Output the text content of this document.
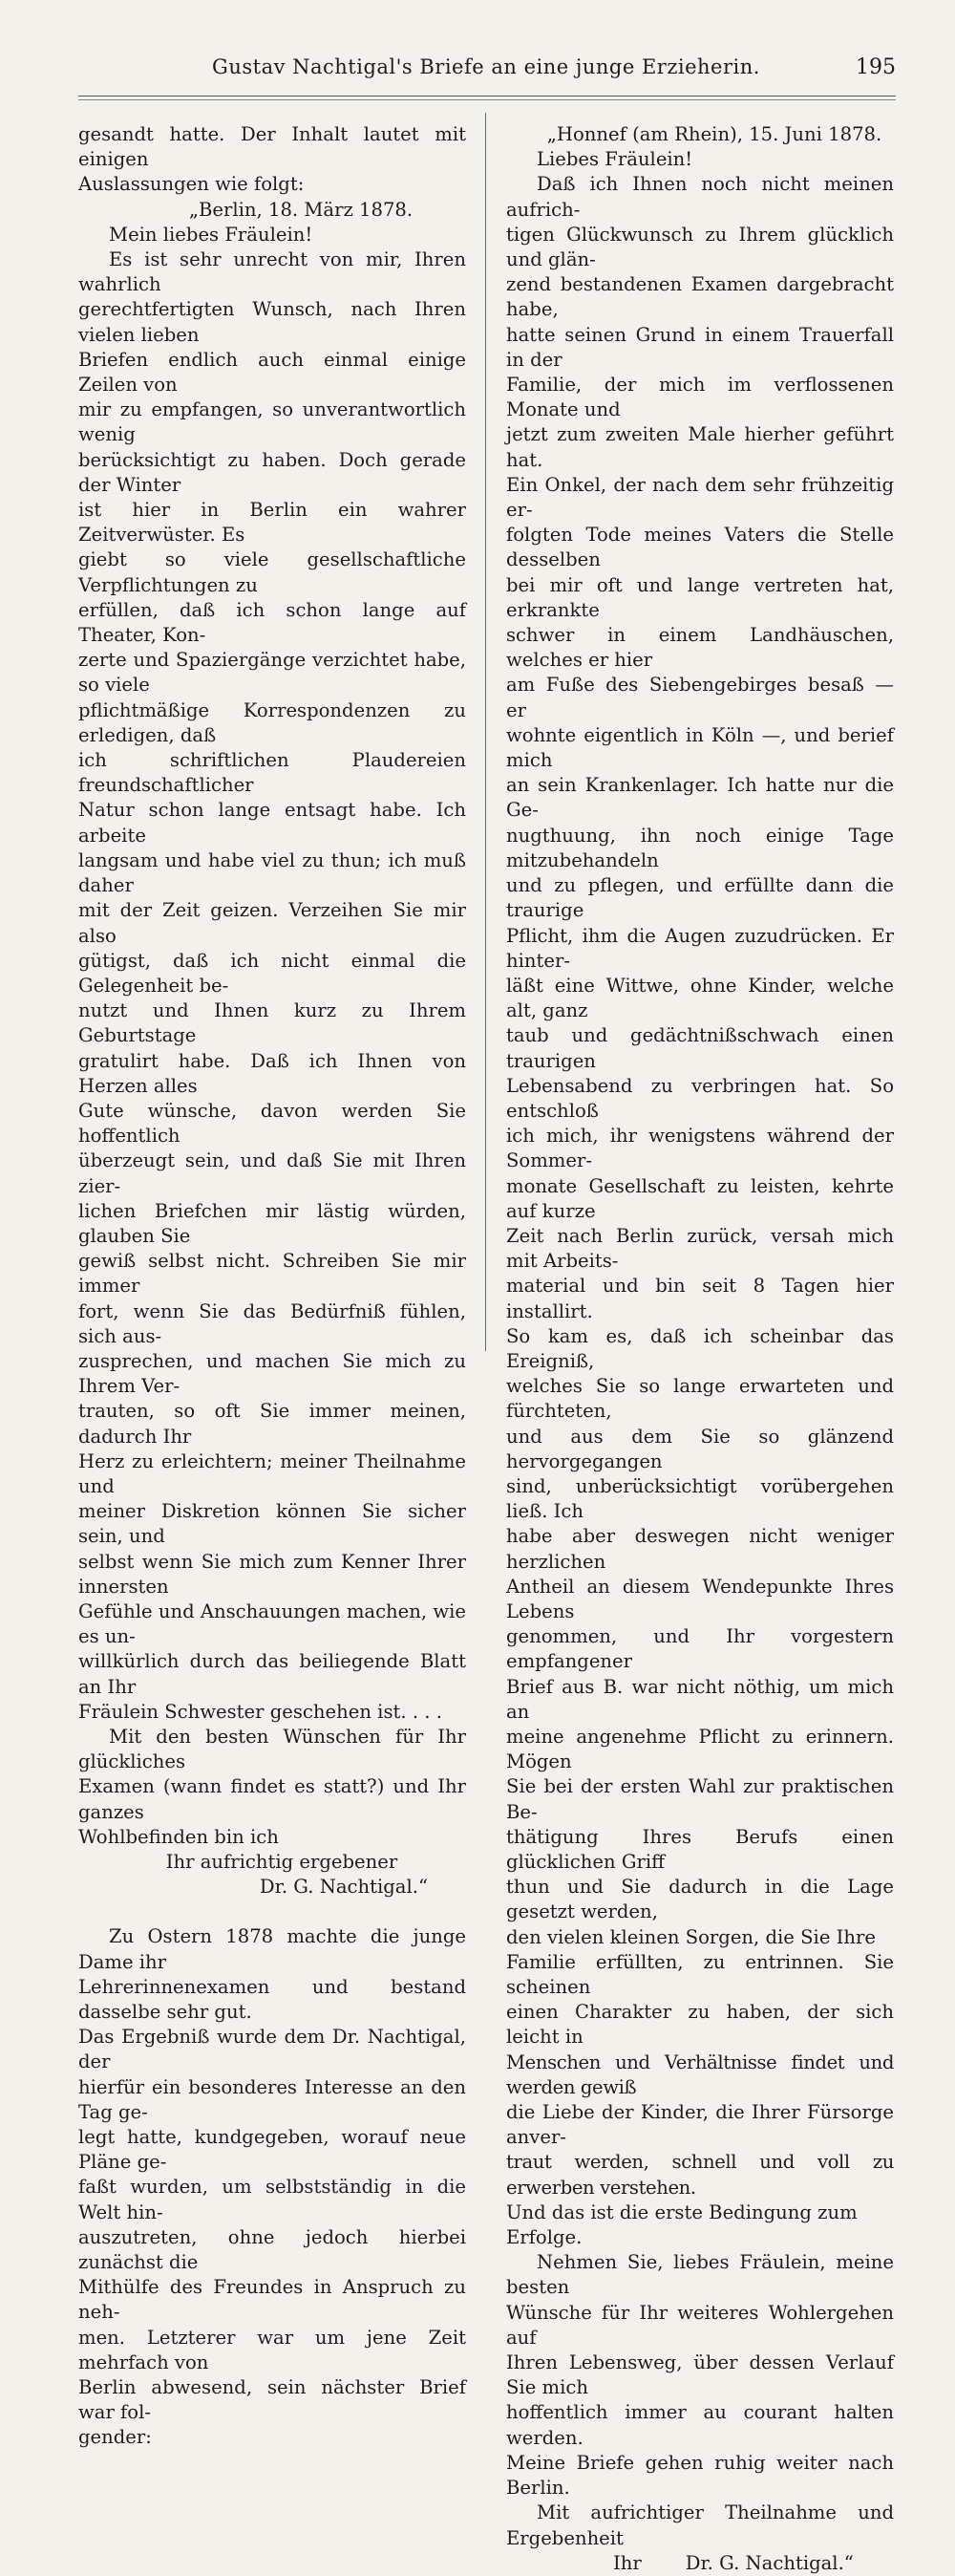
Gustav Nachtigal's Briefe an eine junge Erzieherin.	195

gesandt hatte. Der Inhalt lautet mit einigen

Auslassungen wie folgt:

„Berlin, 18. März 1878.

Mein liebes Fräulein!

Es ist sehr unrecht von mir, Ihren wahrlich

gerechtfertigten Wunsch, nach Ihren vielen lieben

Briefen endlich auch einmal einige Zeilen von

mir zu empfangen, so unverantwortlich wenig

berücksichtigt zu haben. Doch gerade der Winter

ist hier in Berlin ein wahrer Zeitverwüster. Es

giebt so viele gesellschaftliche Verpflichtungen zu

erfüllen, daß ich schon lange auf Theater, Kon-

zerte und Spaziergänge verzichtet habe, so viele

pflichtmäßige Korrespondenzen zu erledigen, daß

ich schriftlichen Plaudereien freundschaftlicher

Natur schon lange entsagt habe. Ich arbeite

langsam und habe viel zu thun; ich muß daher

mit der Zeit geizen. Verzeihen Sie mir also

gütigst, daß ich nicht einmal die Gelegenheit be-

nutzt und Ihnen kurz zu Ihrem Geburtstage

gratulirt habe. Daß ich Ihnen von Herzen alles

Gute wünsche, davon werden Sie hoffentlich

überzeugt sein, und daß Sie mit Ihren zier-

lichen Briefchen mir lästig würden, glauben Sie

gewiß selbst nicht. Schreiben Sie mir immer

fort, wenn Sie das Bedürfniß fühlen, sich aus-

zusprechen, und machen Sie mich zu Ihrem Ver-

trauten, so oft Sie immer meinen, dadurch Ihr

Herz zu erleichtern; meiner Theilnahme und

meiner Diskretion können Sie sicher sein, und

selbst wenn Sie mich zum Kenner Ihrer innersten

Gefühle und Anschauungen machen, wie es un-

willkürlich durch das beiliegende Blatt an Ihr

Fräulein Schwester geschehen ist. . . .

Mit den besten Wünschen für Ihr glückliches

Examen (wann findet es statt?) und Ihr ganzes

Wohlbefinden bin ich

Ihr aufrichtig ergebener

Dr. G. Nachtigal.“

Zu Ostern 1878 machte die junge Dame ihr

Lehrerinnenexamen und bestand dasselbe sehr gut.

Das Ergebniß wurde dem Dr. Nachtigal, der

hierfür ein besonderes Interesse an den Tag ge-

legt hatte, kundgegeben, worauf neue Pläne ge-

faßt wurden, um selbstständig in die Welt hin-

auszutreten, ohne jedoch hierbei zunächst die

Mithülfe des Freundes in Anspruch zu neh-

men. Letzterer war um jene Zeit mehrfach von

Berlin abwesend, sein nächster Brief war fol-

gender:

„Honnef (am Rhein), 15. Juni 1878.

Liebes Fräulein!

Daß ich Ihnen noch nicht meinen aufrich-

tigen Glückwunsch zu Ihrem glücklich und glän-

zend bestandenen Examen dargebracht habe,

hatte seinen Grund in einem Trauerfall in der

Familie, der mich im verflossenen Monate und

jetzt zum zweiten Male hierher geführt hat.

Ein Onkel, der nach dem sehr frühzeitig er-

folgten Tode meines Vaters die Stelle desselben

bei mir oft und lange vertreten hat, erkrankte

schwer in einem Landhäuschen, welches er hier

am Fuße des Siebengebirges besaß — er

wohnte eigentlich in Köln —, und berief mich

an sein Krankenlager. Ich hatte nur die Ge-

nugthuung, ihn noch einige Tage mitzubehandeln

und zu pflegen, und erfüllte dann die traurige

Pflicht, ihm die Augen zuzudrücken. Er hinter-

läßt eine Wittwe, ohne Kinder, welche alt, ganz

taub und gedächtnißschwach einen traurigen

Lebensabend zu verbringen hat. So entschloß

ich mich, ihr wenigstens während der Sommer-

monate Gesellschaft zu leisten, kehrte auf kurze

Zeit nach Berlin zurück, versah mich mit Arbeits-

material und bin seit 8 Tagen hier installirt.

So kam es, daß ich scheinbar das Ereigniß,

welches Sie so lange erwarteten und fürchteten,

und aus dem Sie so glänzend hervorgegangen

sind, unberücksichtigt vorübergehen ließ. Ich

habe aber deswegen nicht weniger herzlichen

Antheil an diesem Wendepunkte Ihres Lebens

genommen, und Ihr vorgestern empfangener

Brief aus B. war nicht nöthig, um mich an

meine angenehme Pflicht zu erinnern. Mögen

Sie bei der ersten Wahl zur praktischen Be-

thätigung Ihres Berufs einen glücklichen Griff

thun und Sie dadurch in die Lage gesetzt werden,

den vielen kleinen Sorgen, die Sie Ihre

Familie erfüllten, zu entrinnen. Sie scheinen

einen Charakter zu haben, der sich leicht in

Menschen und Verhältnisse findet und werden gewiß

die Liebe der Kinder, die Ihrer Fürsorge anver-

traut werden, schnell und voll zu erwerben verstehen.

Und das ist die erste Bedingung zum Erfolge.

Nehmen Sie, liebes Fräulein, meine besten

Wünsche für Ihr weiteres Wohlergehen auf

Ihren Lebensweg, über dessen Verlauf Sie mich

hoffentlich immer au courant halten werden.

Meine Briefe gehen ruhig weiter nach Berlin.

Mit aufrichtiger Theilnahme und Ergebenheit

Ihr Dr. G. Nachtigal.“
